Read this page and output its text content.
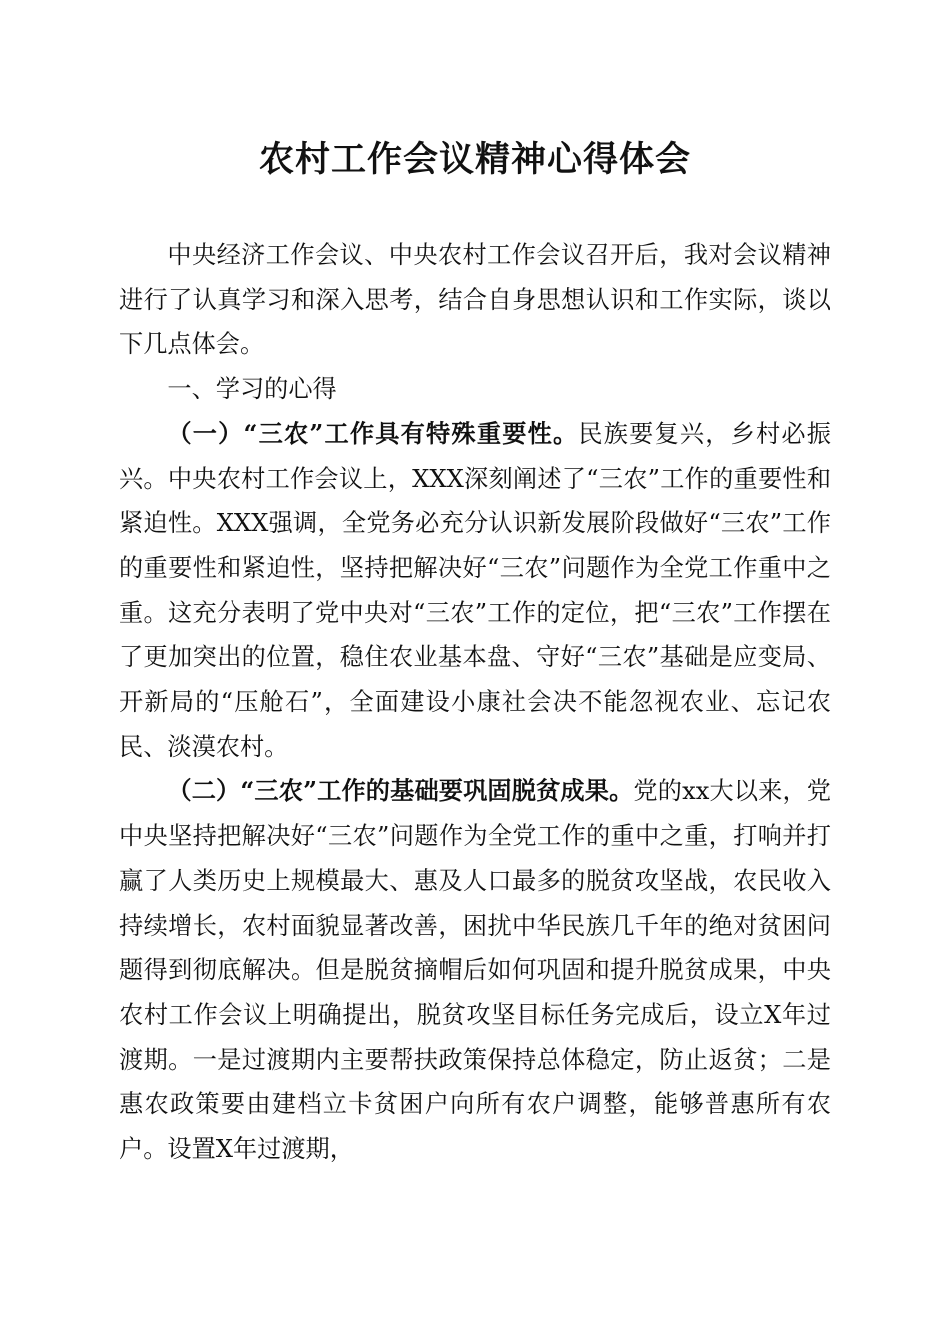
农村工作会议精神心得体会

中央经济工作会议、中央农村工作会议召开后，我对会议精神进行了认真学习和深入思考，结合自身思想认识和工作实际，谈以下几点体会。

一、学习的心得

（一）“三农”工作具有特殊重要性。民族要复兴，乡村必振兴。中央农村工作会议上，XXX深刻阐述了“三农”工作的重要性和紧迫性。XXX强调，全党务必充分认识新发展阶段做好“三农”工作的重要性和紧迫性，坚持把解决好“三农”问题作为全党工作重中之重。这充分表明了党中央对“三农”工作的定位，把“三农”工作摆在了更加突出的位置，稳住农业基本盘、守好“三农”基础是应变局、开新局的“压舱石”，全面建设小康社会决不能忽视农业、忘记农民、淡漠农村。

（二）“三农”工作的基础要巩固脱贫成果。党的xx大以来，党中央坚持把解决好“三农”问题作为全党工作的重中之重，打响并打赢了人类历史上规模最大、惠及人口最多的脱贫攻坚战，农民收入持续增长，农村面貌显著改善，困扰中华民族几千年的绝对贫困问题得到彻底解决。但是脱贫摘帽后如何巩固和提升脱贫成果，中央农村工作会议上明确提出，脱贫攻坚目标任务完成后，设立X年过渡期。一是过渡期内主要帮扶政策保持总体稳定，防止返贫；二是惠农政策要由建档立卡贫困户向所有农户调整，能够普惠所有农户。设置X年过渡期，
